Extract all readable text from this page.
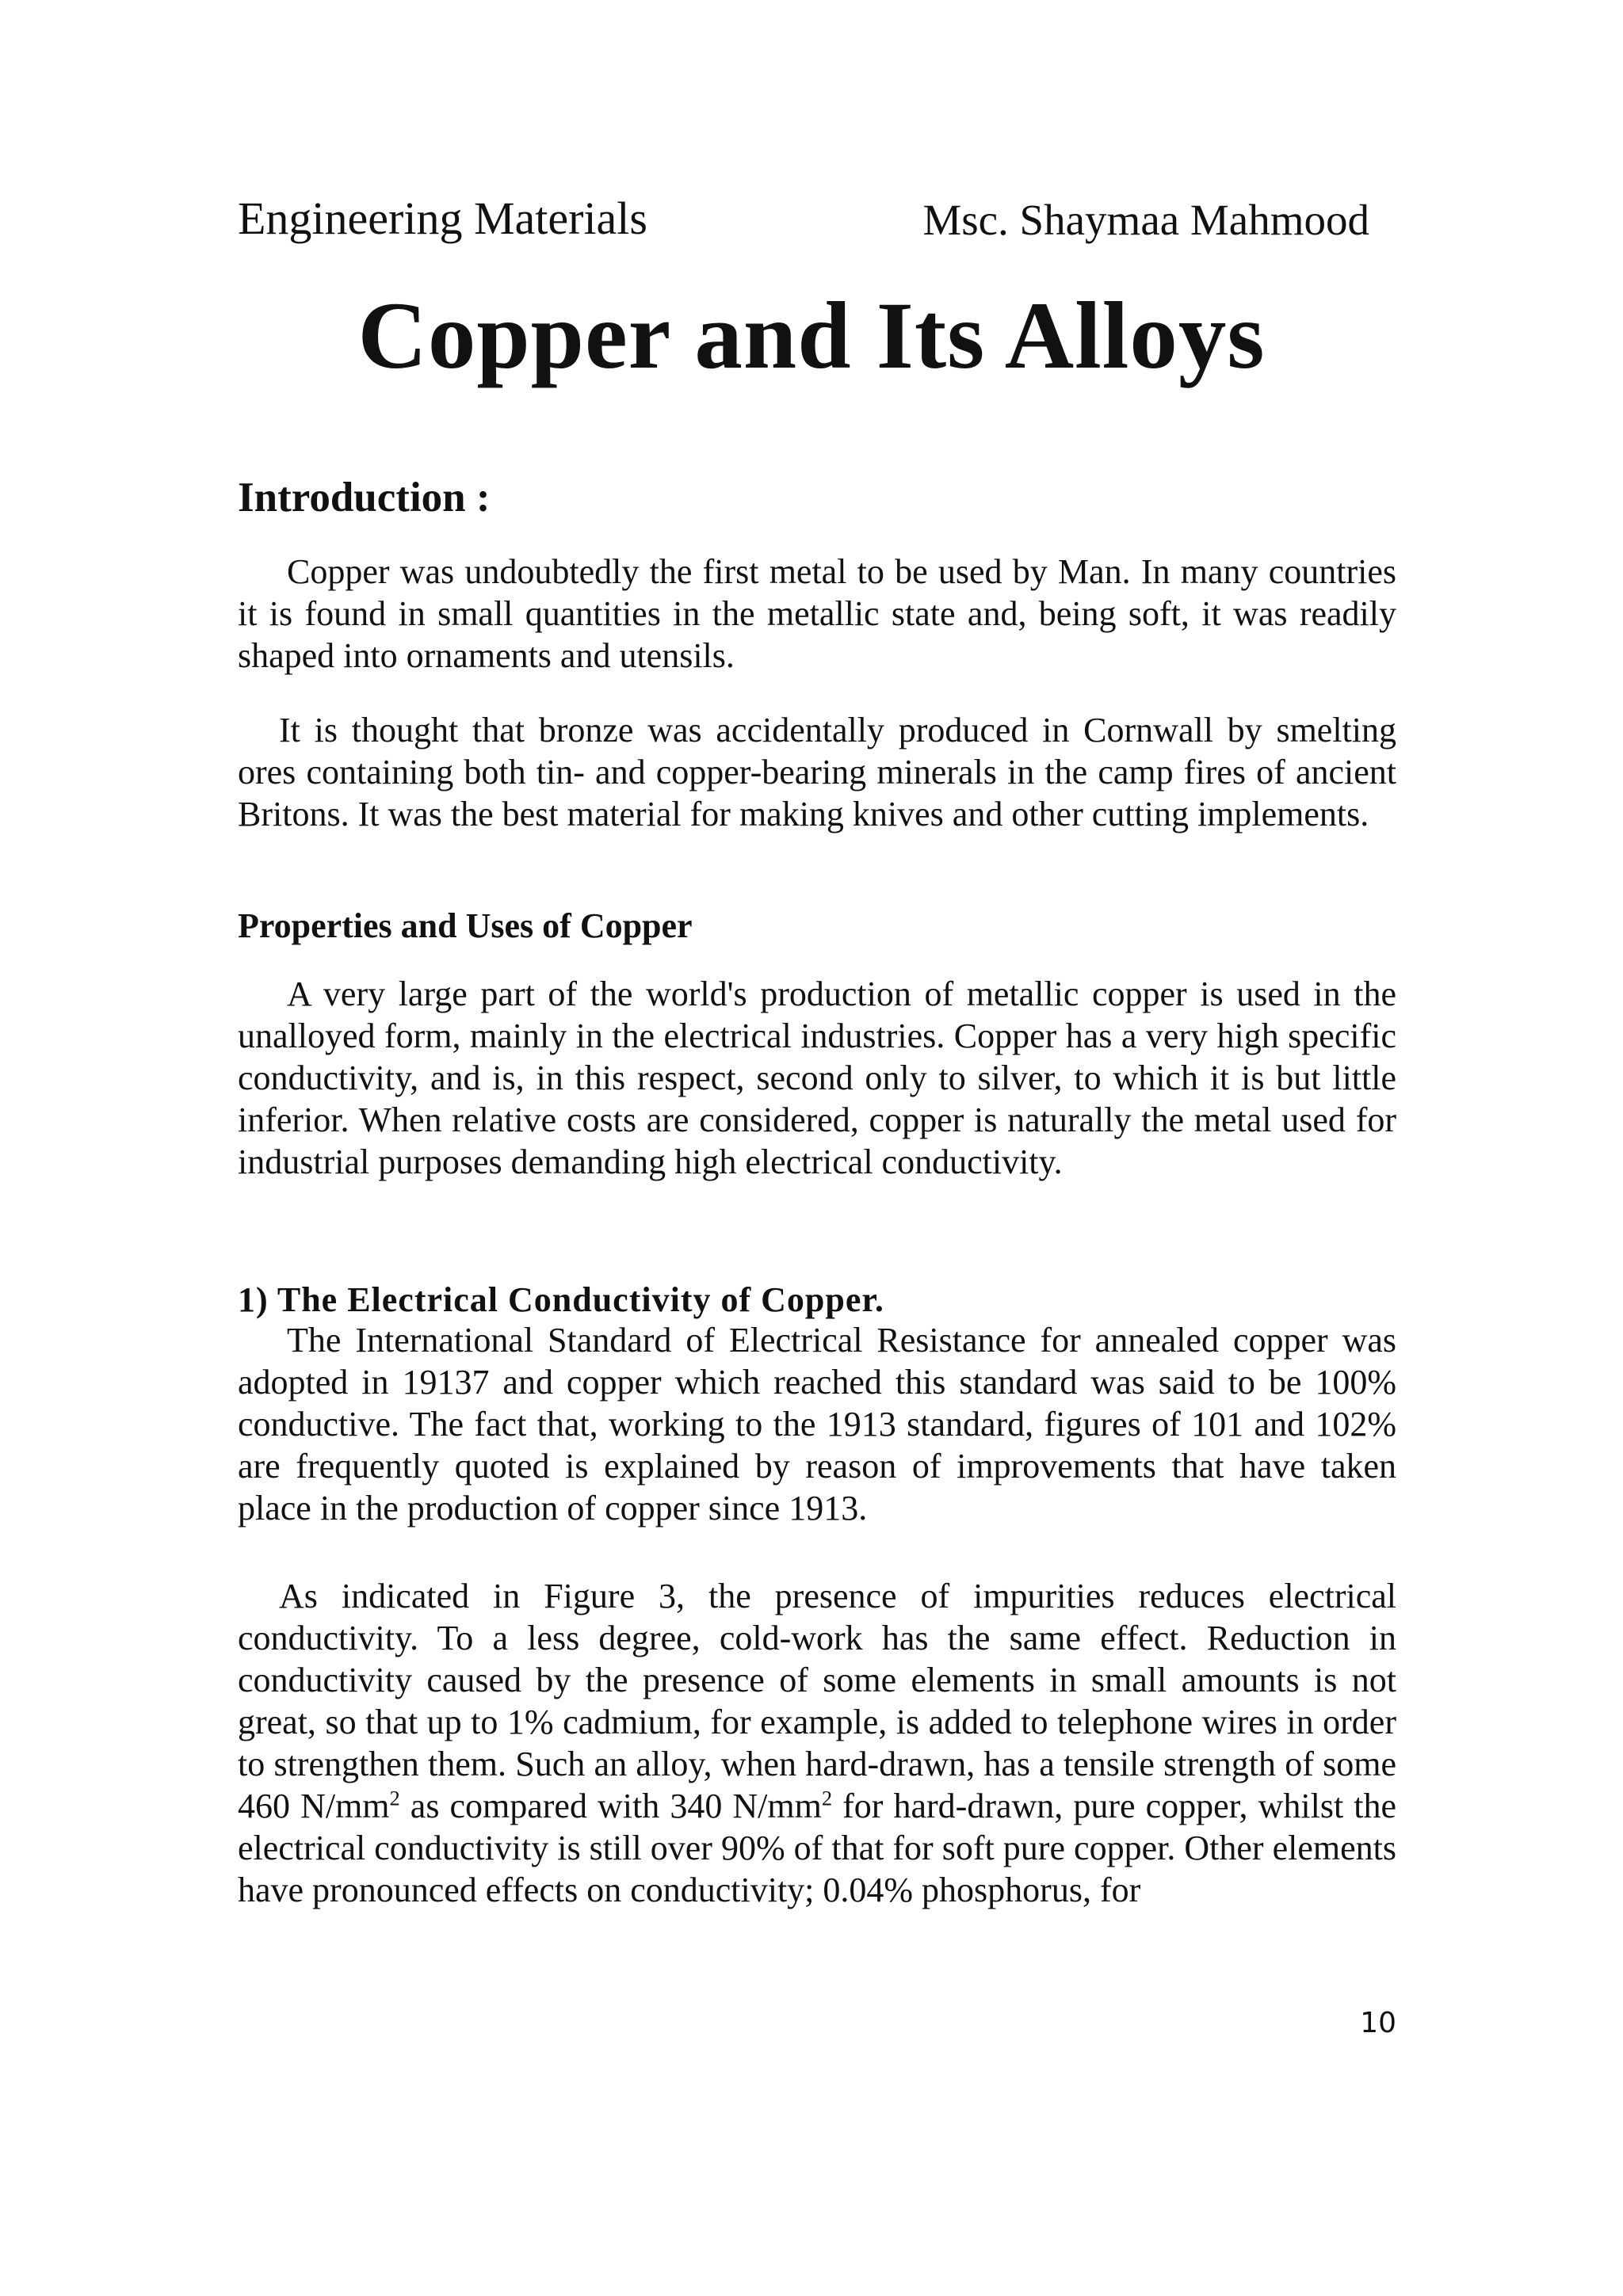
Engineering Materials	Msc. Shaymaa Mahmood
Copper and Its Alloys
Introduction :
Copper was undoubtedly the first metal to be used by Man. In many countries it is found in small quantities in the metallic state and, being soft, it was readily shaped into ornaments and utensils.
It is thought that bronze was accidentally produced in Cornwall by smelting ores containing both tin- and copper-bearing minerals in the camp fires of ancient Britons. It was the best material for making knives and other cutting implements.
Properties and Uses of Copper
A very large part of the world's production of metallic copper is used in the unalloyed form, mainly in the electrical industries. Copper has a very high specific conductivity, and is, in this respect, second only to silver, to which it is but little inferior. When relative costs are considered, copper is naturally the metal used for industrial purposes demanding high electrical conductivity.
1) The Electrical Conductivity of Copper.
The International Standard of Electrical Resistance for annealed copper was adopted in 19137 and copper which reached this standard was said to be 100% conductive. The fact that, working to the 1913 standard, figures of 101 and 102% are frequently quoted is explained by reason of improvements that have taken place in the production of copper since 1913.
As indicated in Figure 3, the presence of impurities reduces electrical conductivity. To a less degree, cold-work has the same effect. Reduction in conductivity caused by the presence of some elements in small amounts is not great, so that up to 1% cadmium, for example, is added to telephone wires in order to strengthen them. Such an alloy, when hard-drawn, has a tensile strength of some 460 $N/mm^2$ as compared with 340 $N/mm^2$ for hard-drawn, pure copper, whilst the electrical conductivity is still over 90% of that for soft pure copper. Other elements have pronounced effects on conductivity; 0.04% phosphorus, for
10
